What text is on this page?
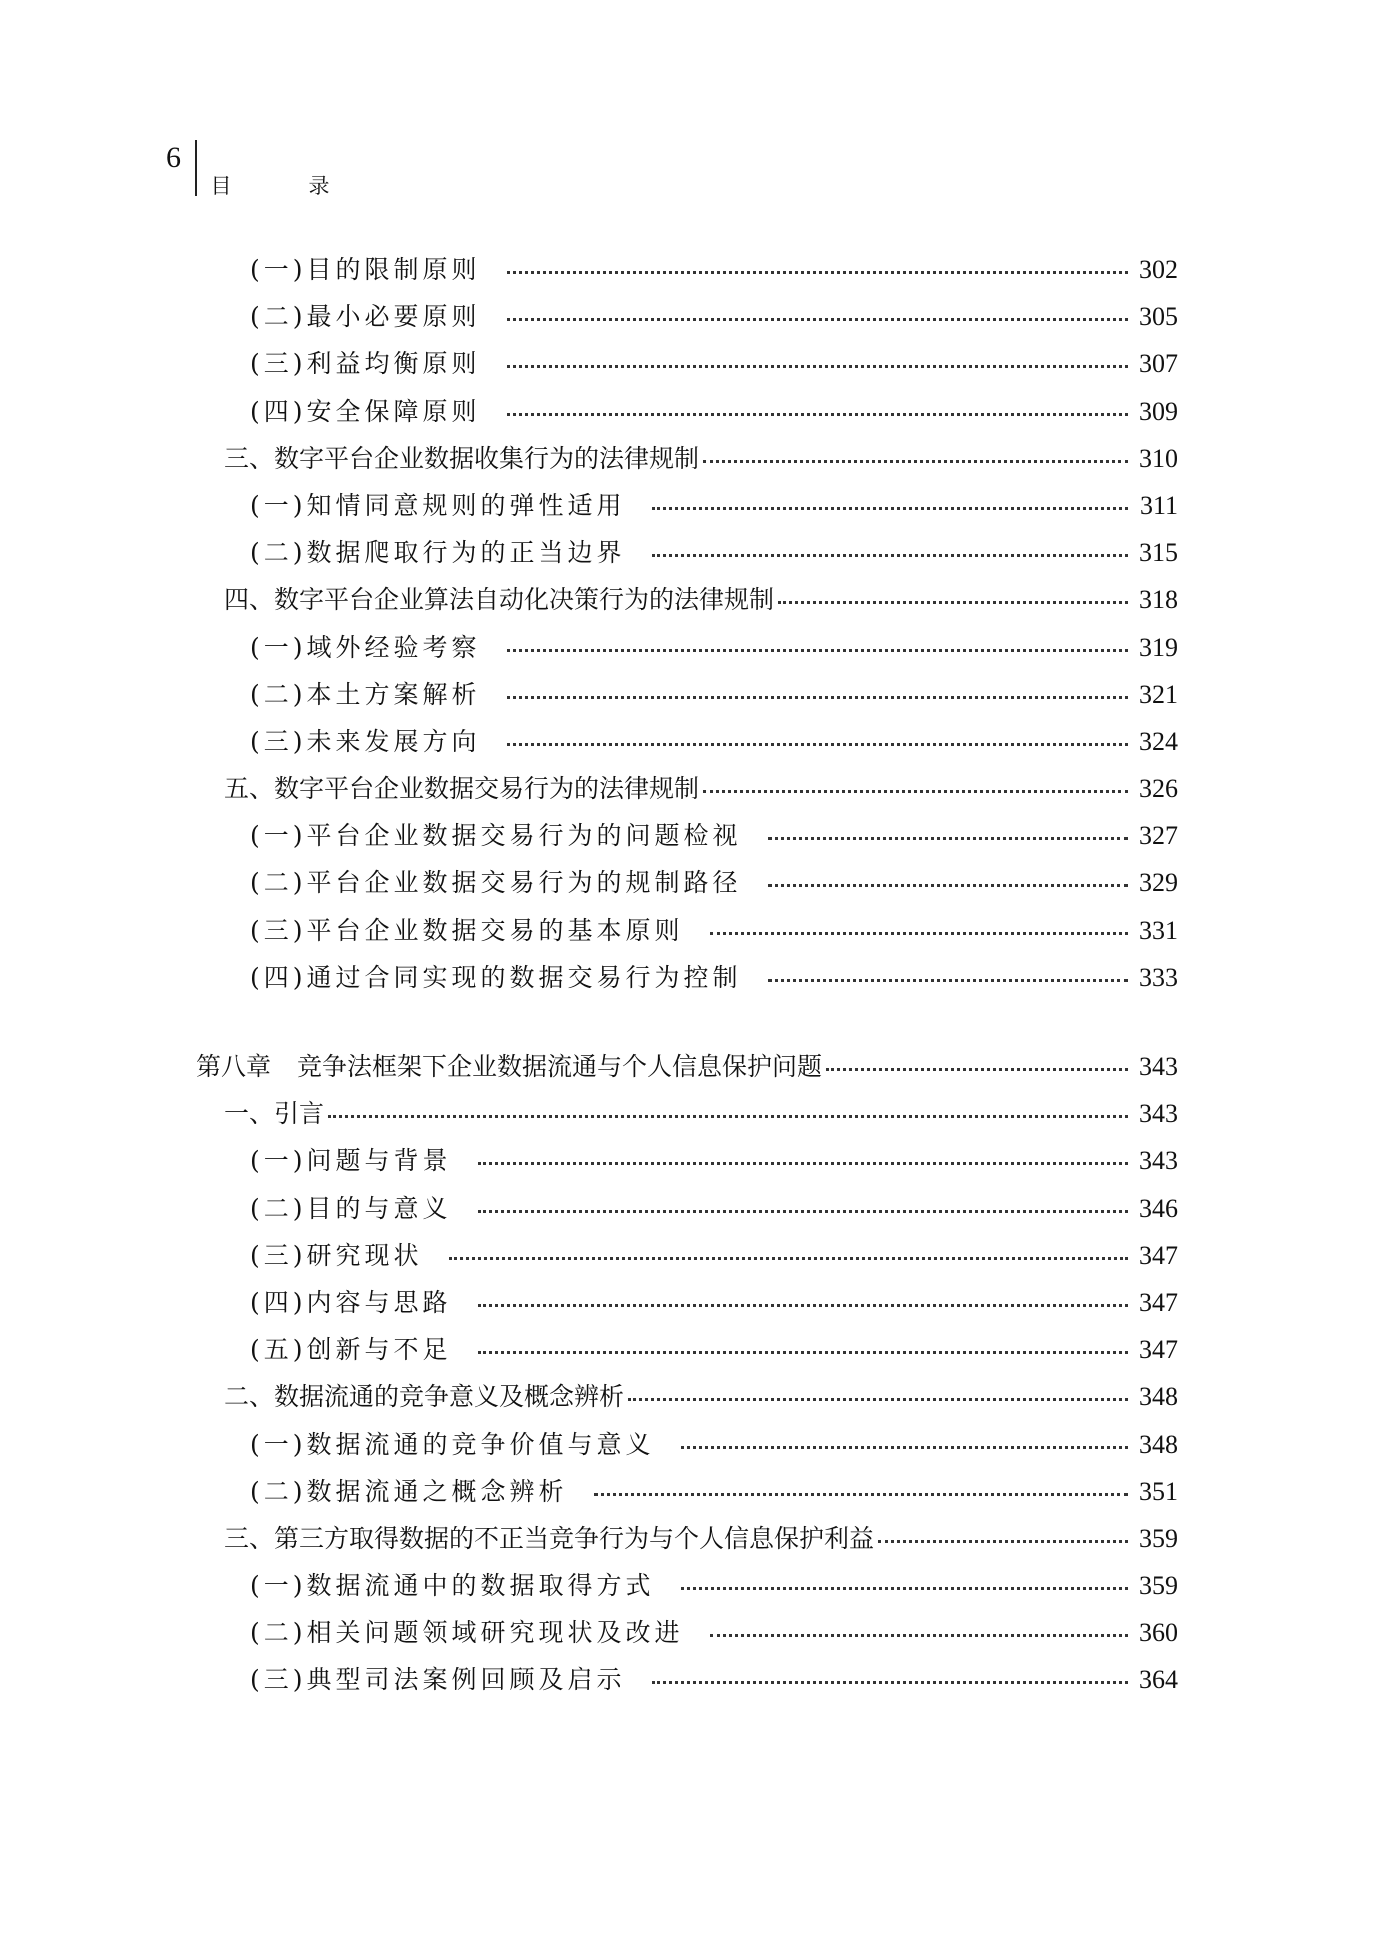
6
目　录
(一)目的限制原则	302
(二)最小必要原则	305
(三)利益均衡原则	307
(四)安全保障原则	309
三、数字平台企业数据收集行为的法律规制	310
(一)知情同意规则的弹性适用	311
(二)数据爬取行为的正当边界	315
四、数字平台企业算法自动化决策行为的法律规制	318
(一)域外经验考察	319
(二)本土方案解析	321
(三)未来发展方向	324
五、数字平台企业数据交易行为的法律规制	326
(一)平台企业数据交易行为的问题检视	327
(二)平台企业数据交易行为的规制路径	329
(三)平台企业数据交易的基本原则	331
(四)通过合同实现的数据交易行为控制	333
第八章 竞争法框架下企业数据流通与个人信息保护问题	343
一、引言	343
(一)问题与背景	343
(二)目的与意义	346
(三)研究现状	347
(四)内容与思路	347
(五)创新与不足	347
二、数据流通的竞争意义及概念辨析	348
(一)数据流通的竞争价值与意义	348
(二)数据流通之概念辨析	351
三、第三方取得数据的不正当竞争行为与个人信息保护利益	359
(一)数据流通中的数据取得方式	359
(二)相关问题领域研究现状及改进	360
(三)典型司法案例回顾及启示	364
